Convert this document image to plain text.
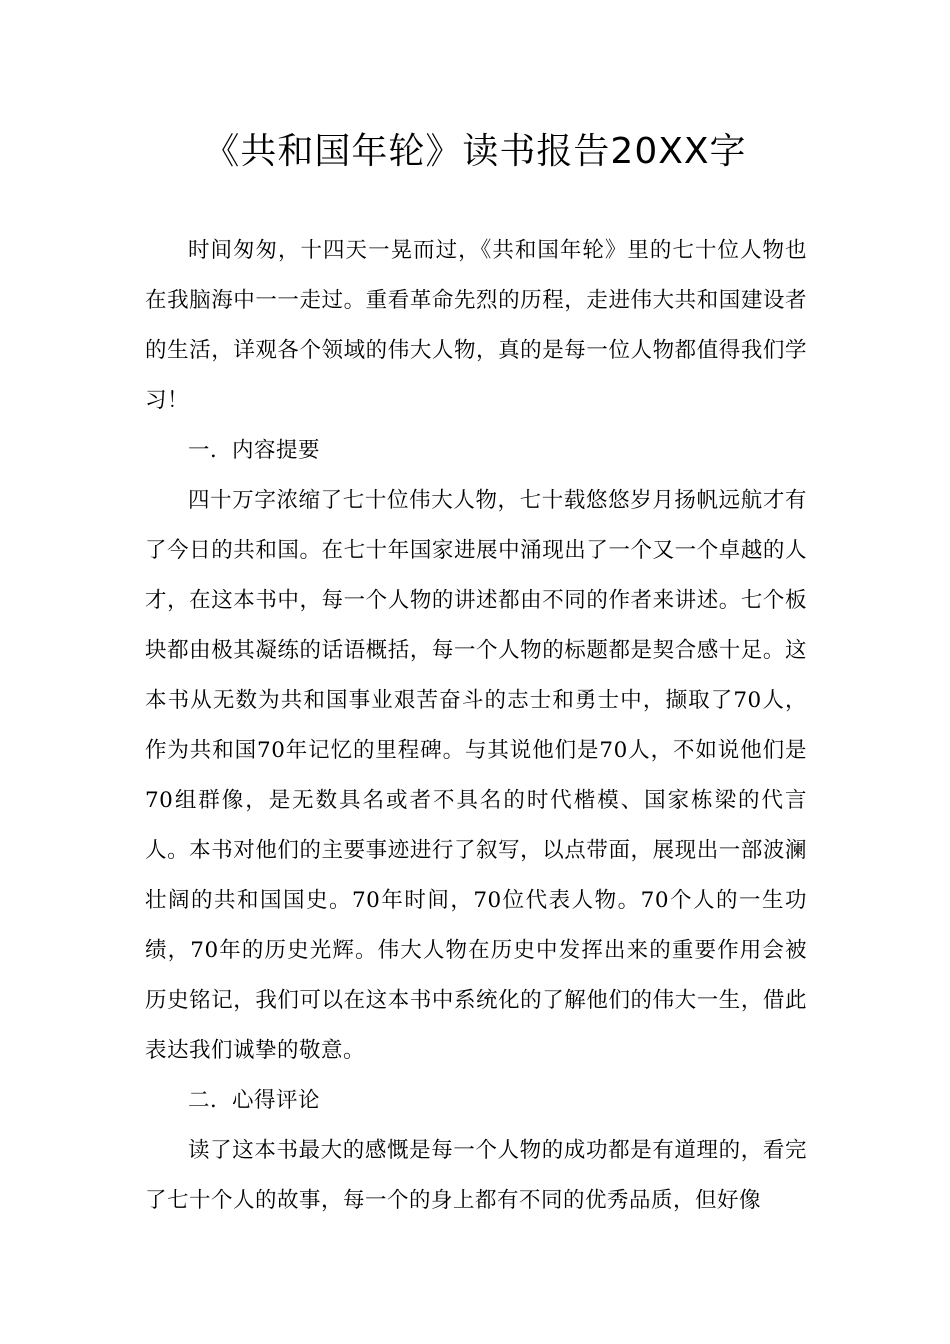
《共和国年轮》读书报告20XX字

时间匆匆，十四天一晃而过，《共和国年轮》里的七十位人物也在我脑海中一一走过。重看革命先烈的历程，走进伟大共和国建设者的生活，详观各个领域的伟大人物，真的是每一位人物都值得我们学习！

一．内容提要

四十万字浓缩了七十位伟大人物，七十载悠悠岁月扬帆远航才有了今日的共和国。在七十年国家进展中涌现出了一个又一个卓越的人才，在这本书中，每一个人物的讲述都由不同的作者来讲述。七个板块都由极其凝练的话语概括，每一个人物的标题都是契合感十足。这本书从无数为共和国事业艰苦奋斗的志士和勇士中，撷取了70人，作为共和国70年记忆的里程碑。与其说他们是70人，不如说他们是70组群像，是无数具名或者不具名的时代楷模、国家栋梁的代言人。本书对他们的主要事迹进行了叙写，以点带面，展现出一部波澜壮阔的共和国国史。70年时间，70位代表人物。70个人的一生功绩，70年的历史光辉。伟大人物在历史中发挥出来的重要作用会被历史铭记，我们可以在这本书中系统化的了解他们的伟大一生，借此表达我们诚挚的敬意。

二．心得评论

读了这本书最大的感慨是每一个人物的成功都是有道理的，看完了七十个人的故事，每一个的身上都有不同的优秀品质，但好像
